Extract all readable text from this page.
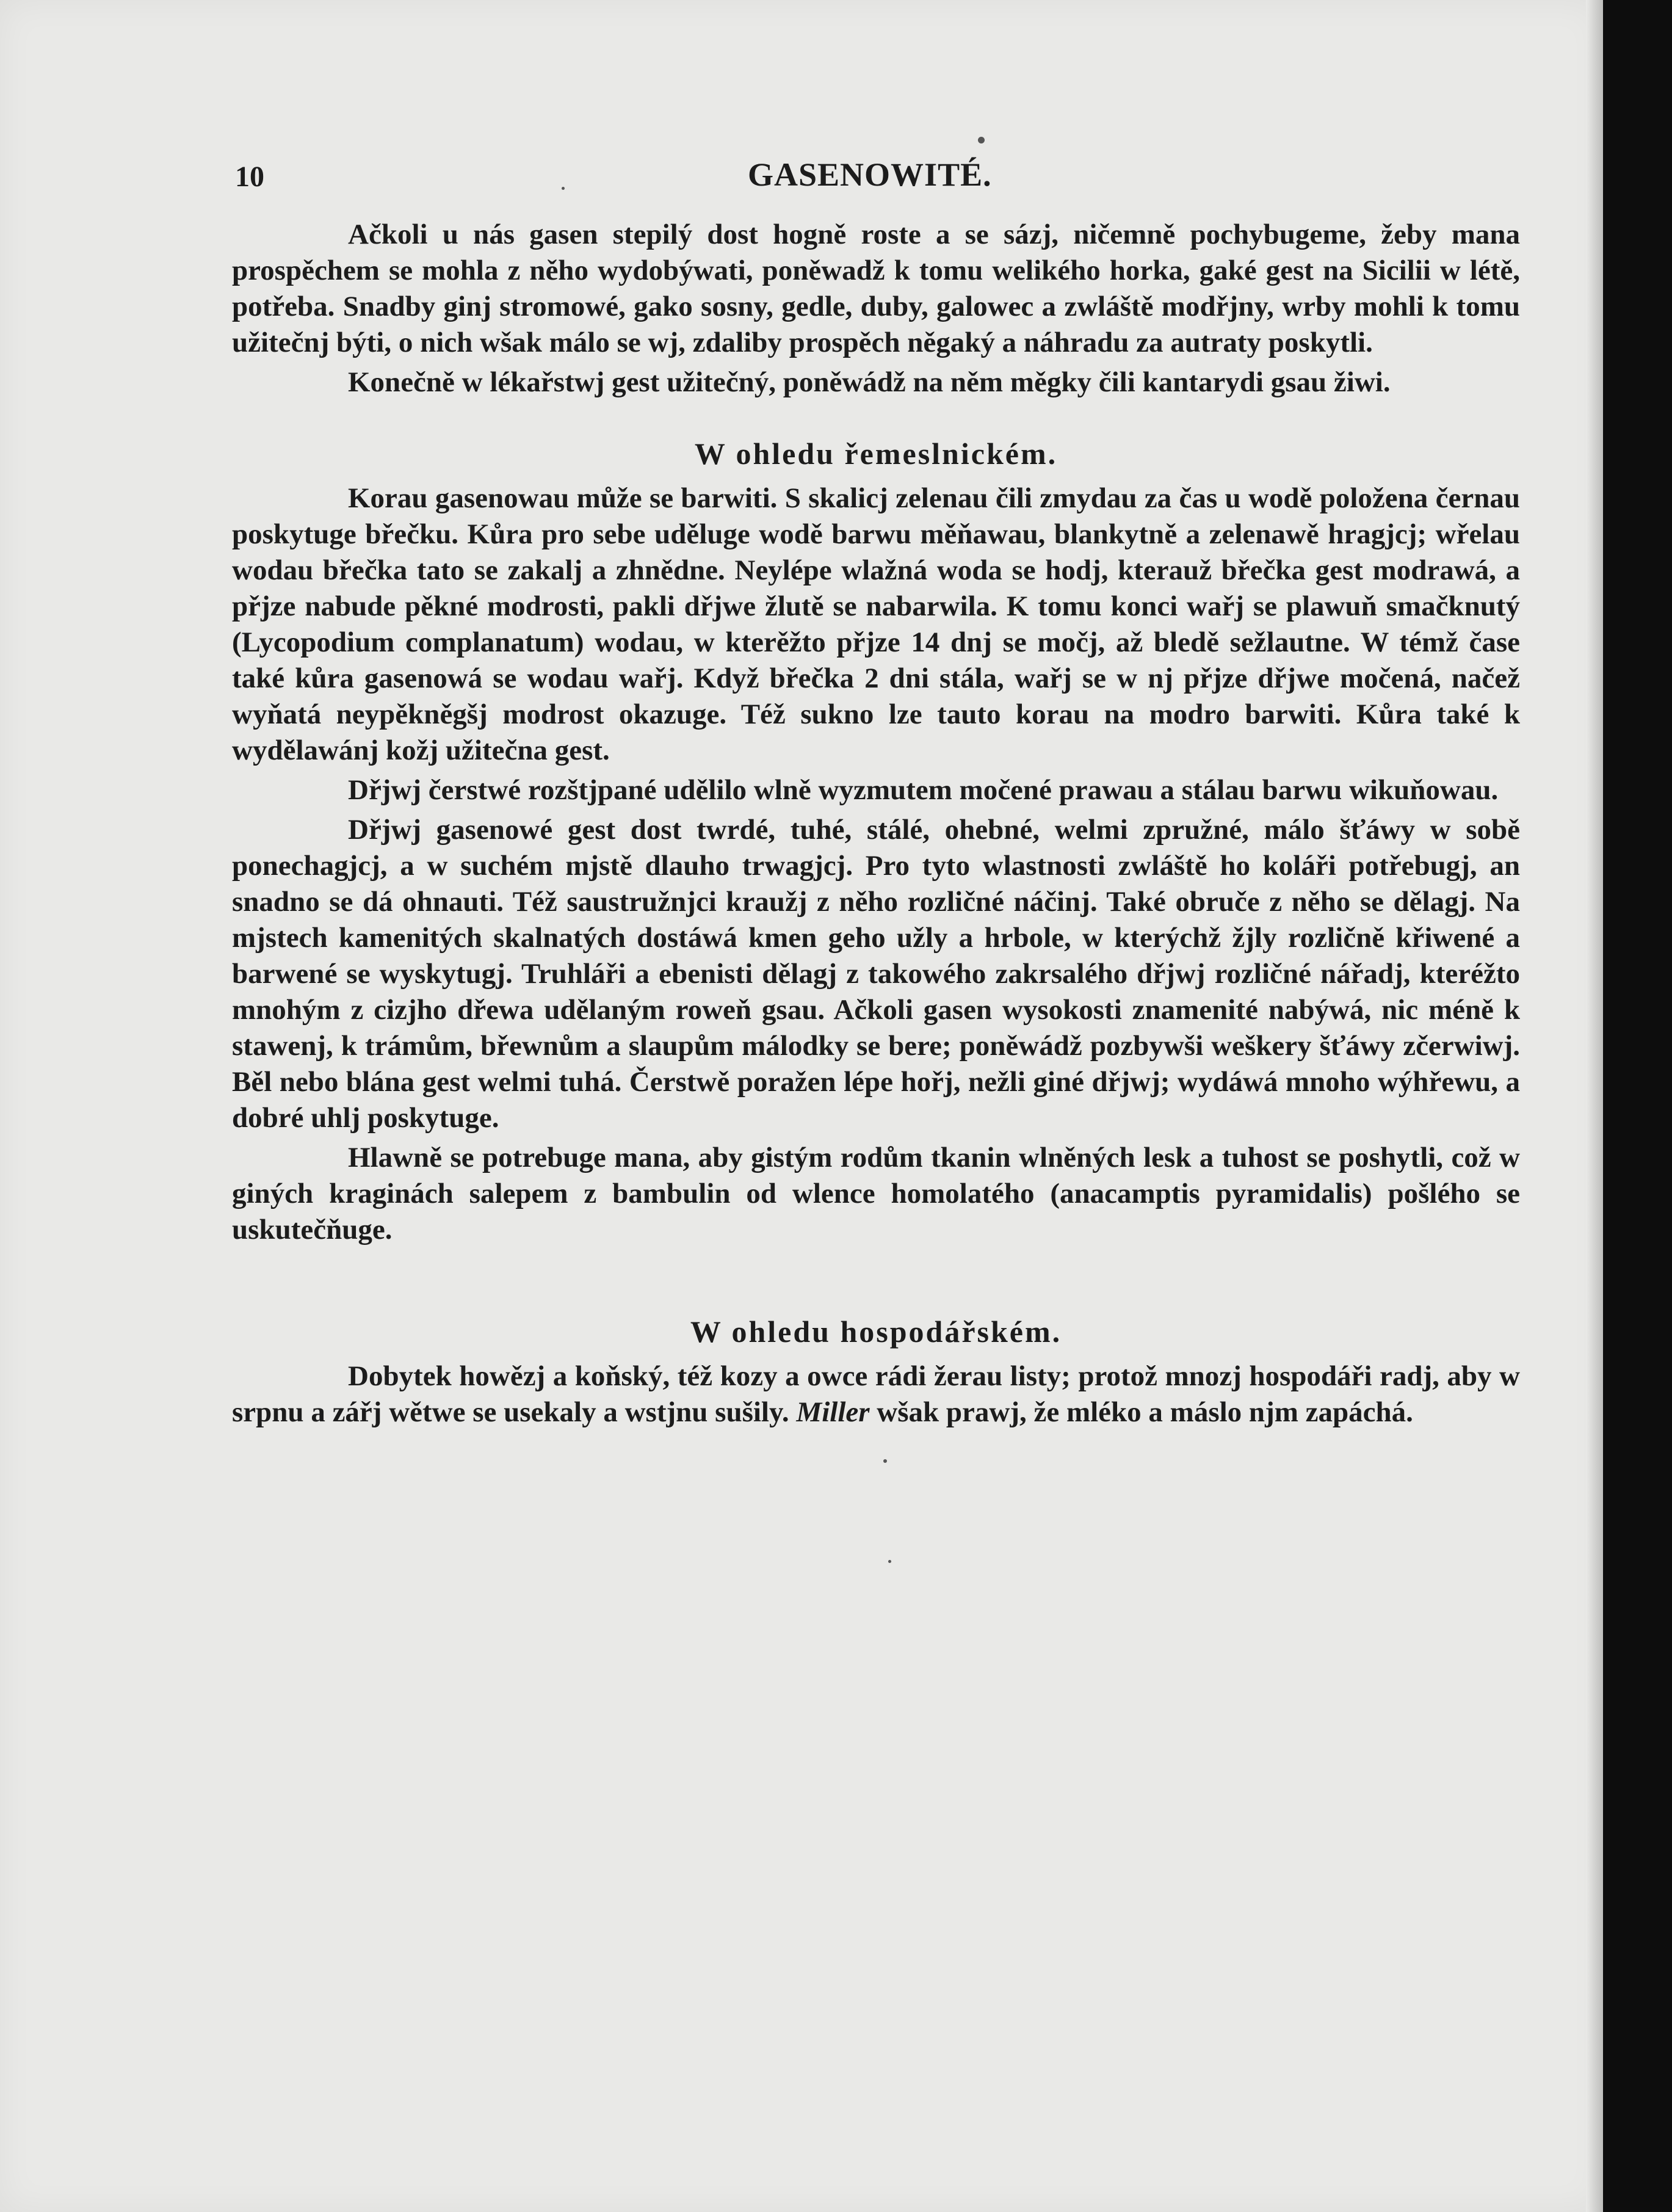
10	GASENOWITÉ.

Ačkoli u nás gasen stepilý dost hogně roste a se sázj, ničemně pochybugeme, žeby mana prospěchem se mohla z něho wydobýwati, poněwadž k tomu welikého horka, gaké gest na Sicilii w létě, potřeba. Snadby ginj stromowé, gako sosny, gedle, duby, galowec a zwláště modřjny, wrby mohli k tomu užitečnj býti, o nich wšak málo se wj, zdaliby prospěch něgaký a náhradu za autraty poskytli.

Konečně w lékařstwj gest užitečný, poněwádž na něm měgky čili kantarydi gsau žiwi.

W ohledu řemeslnickém.

Korau gasenowau může se barwiti. S skalicj zelenau čili zmydau za čas u wodě položena černau poskytuge břečku. Kůra pro sebe uděluge wodě barwu měňawau, blankytně a zelenawě hragjcj; wřelau wodau břečka tato se zakalj a zhnědne. Neylépe wlažná woda se hodj, kterauž břečka gest modrawá, a přjze nabude pěkné modrosti, pakli dřjwe žlutě se nabarwila. K tomu konci wařj se plawuň smačknutý (Lycopodium complanatum) wodau, w kterěžto přjze 14 dnj se močj, až bledě sežlautne. W témž čase také kůra gasenowá se wodau wařj. Když břečka 2 dni stála, wařj se w nj přjze dřjwe močená, načež wyňatá neypěkněgšj modrost okazuge. Též sukno lze tauto korau na modro barwiti. Kůra také k wydělawánj kožj užitečna gest.

Dřjwj čerstwé rozštjpané udělilo wlně wyzmutem močené prawau a stálau barwu wikuňowau.

Dřjwj gasenowé gest dost twrdé, tuhé, stálé, ohebné, welmi zpružné, málo šťáwy w sobě ponechagjcj, a w suchém mjstě dlauho trwagjcj. Pro tyto wlastnosti zwláště ho koláři potřebugj, an snadno se dá ohnauti. Též saustružnjci kraužj z něho rozličné náčinj. Také obruče z něho se dělagj. Na mjstech kamenitých skalnatých dostáwá kmen geho užly a hrbole, w kterýchž žjly rozličně křiwené a barwené se wyskytugj. Truhláři a ebenisti dělagj z takowého zakrsalého dřjwj rozličné nářadj, kteréžto mnohým z cizjho dřewa udělaným roweň gsau. Ačkoli gasen wysokosti znamenité nabýwá, nic méně k stawenj, k trámům, břewnům a slaupům málodky se bere; poněwádž pozbywši weškery šťáwy zčerwiwj. Běl nebo blána gest welmi tuhá. Čerstwě poražen lépe hořj, nežli giné dřjwj; wydáwá mnoho wýhřewu, a dobré uhlj poskytuge.

Hlawně se potrebuge mana, aby gistým rodům tkanin wlněných lesk a tuhost se poshytli, což w giných kraginách salepem z bambulin od wlence homolatého (anacamptis pyramidalis) pošlého se uskutečňuge.

W ohledu hospodářském.

Dobytek howězj a koňský, též kozy a owce rádi žerau listy; protož mnozj hospodáři radj, aby w srpnu a zářj wětwe se usekaly a wstjnu sušily. Miller wšak prawj, že mléko a máslo njm zapáchá.
